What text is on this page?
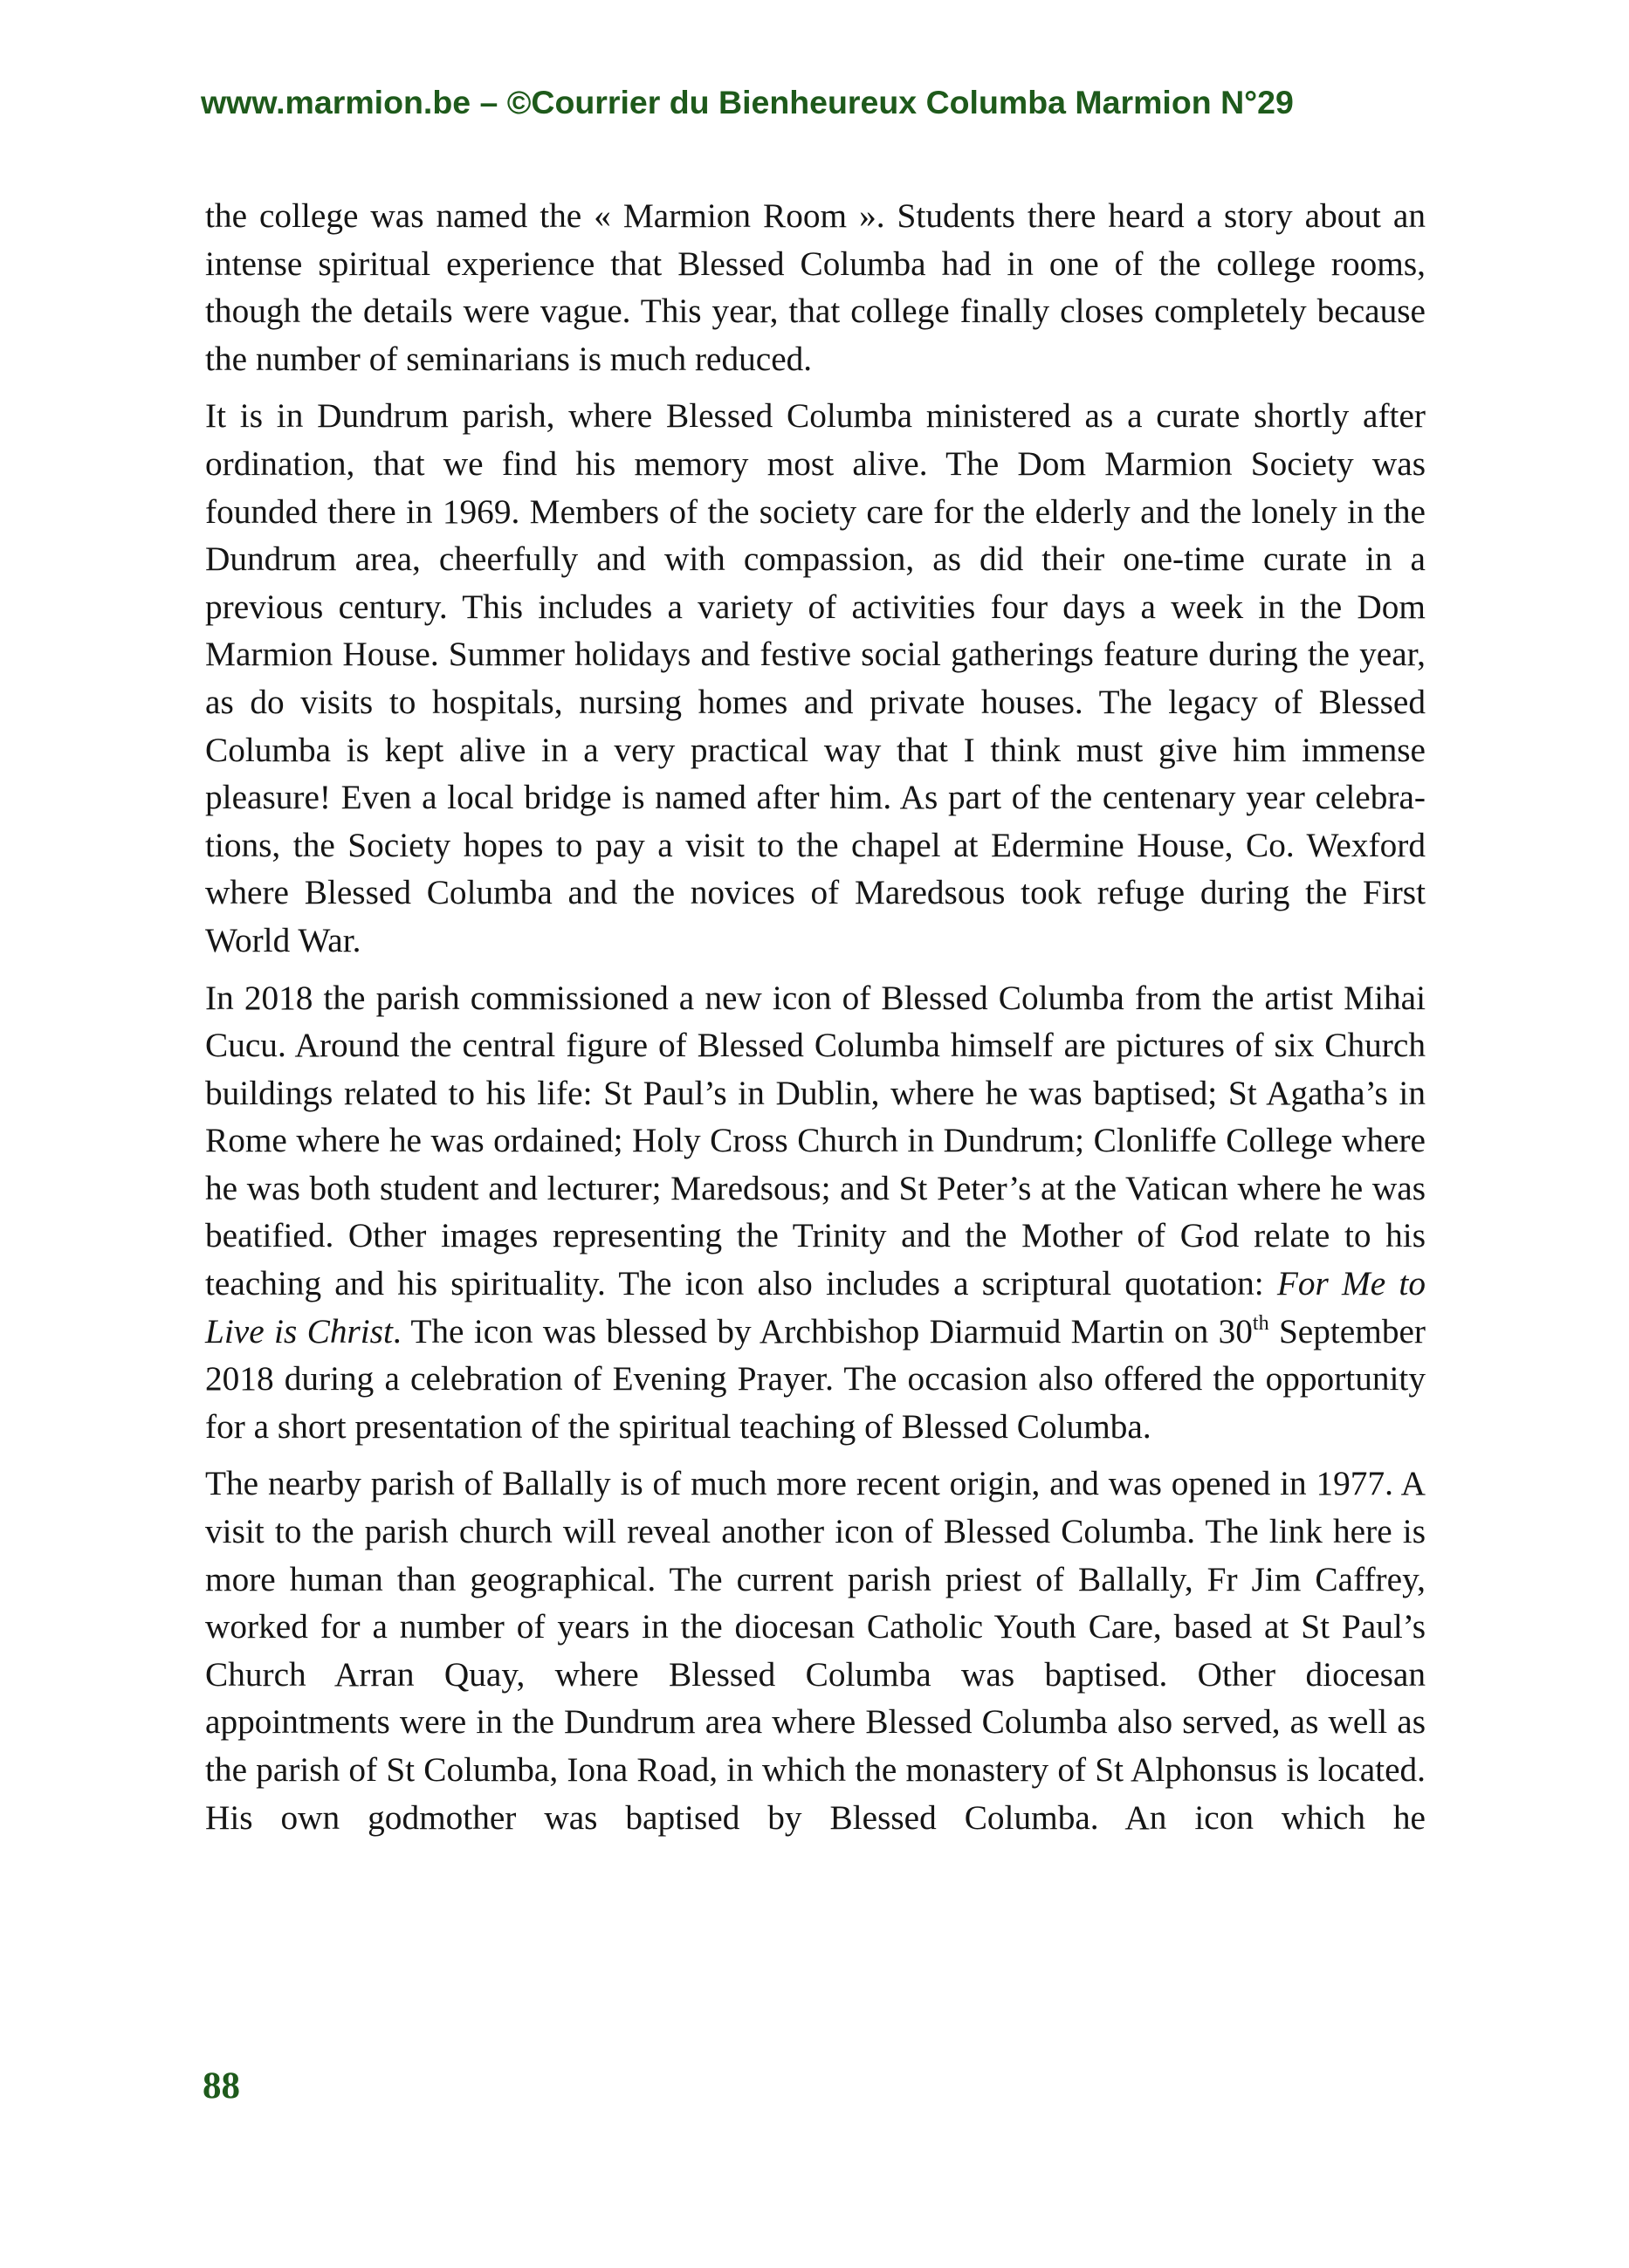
www.marmion.be – ©Courrier du Bienheureux Columba Marmion N°29

the college was named the « Marmion Room ». Students there heard a story about an intense spiritual experience that Blessed Columba had in one of the college rooms, though the details were vague. This year, that college finally closes completely because the number of seminarians is much reduced.

It is in Dundrum parish, where Blessed Columba ministered as a curate shortly after ordination, that we find his memory most alive. The Dom Marmion Society was founded there in 1969. Members of the society care for the elderly and the lonely in the Dundrum area, cheerfully and with compassion, as did their one-time curate in a previous century. This includes a variety of activities four days a week in the Dom Marmion House. Summer holidays and festive social gatherings feature during the year, as do visits to hospitals, nursing homes and private houses. The legacy of Blessed Columba is kept alive in a very practical way that I think must give him immense pleasure! Even a local bridge is named after him. As part of the centenary year celebrations, the Society hopes to pay a visit to the chapel at Edermine House, Co. Wexford where Blessed Columba and the novices of Maredsous took refuge during the First World War.

In 2018 the parish commissioned a new icon of Blessed Columba from the artist Mihai Cucu. Around the central figure of Blessed Columba himself are pictures of six Church buildings related to his life: St Paul’s in Dublin, where he was baptised; St Agatha’s in Rome where he was ordained; Holy Cross Church in Dundrum; Clonliffe College where he was both student and lecturer; Maredsous; and St Peter’s at the Vatican where he was beatified. Other images representing the Trinity and the Mother of God relate to his teaching and his spirituality. The icon also includes a scriptural quotation: For Me to Live is Christ. The icon was blessed by Archbishop Diarmuid Martin on 30th September 2018 during a celebration of Evening Prayer. The occasion also offered the opportunity for a short presentation of the spiritual teaching of Blessed Columba.

The nearby parish of Ballally is of much more recent origin, and was opened in 1977. A visit to the parish church will reveal another icon of Blessed Columba. The link here is more human than geographical. The current parish priest of Ballally, Fr Jim Caffrey, worked for a number of years in the diocesan Catholic Youth Care, based at St Paul’s Church Arran Quay, where Blessed Columba was baptised. Other diocesan appointments were in the Dundrum area where Blessed Columba also served, as well as the parish of St Columba, Iona Road, in which the monastery of St Alphonsus is located. His own godmother was baptised by Blessed Columba. An icon which he

88
